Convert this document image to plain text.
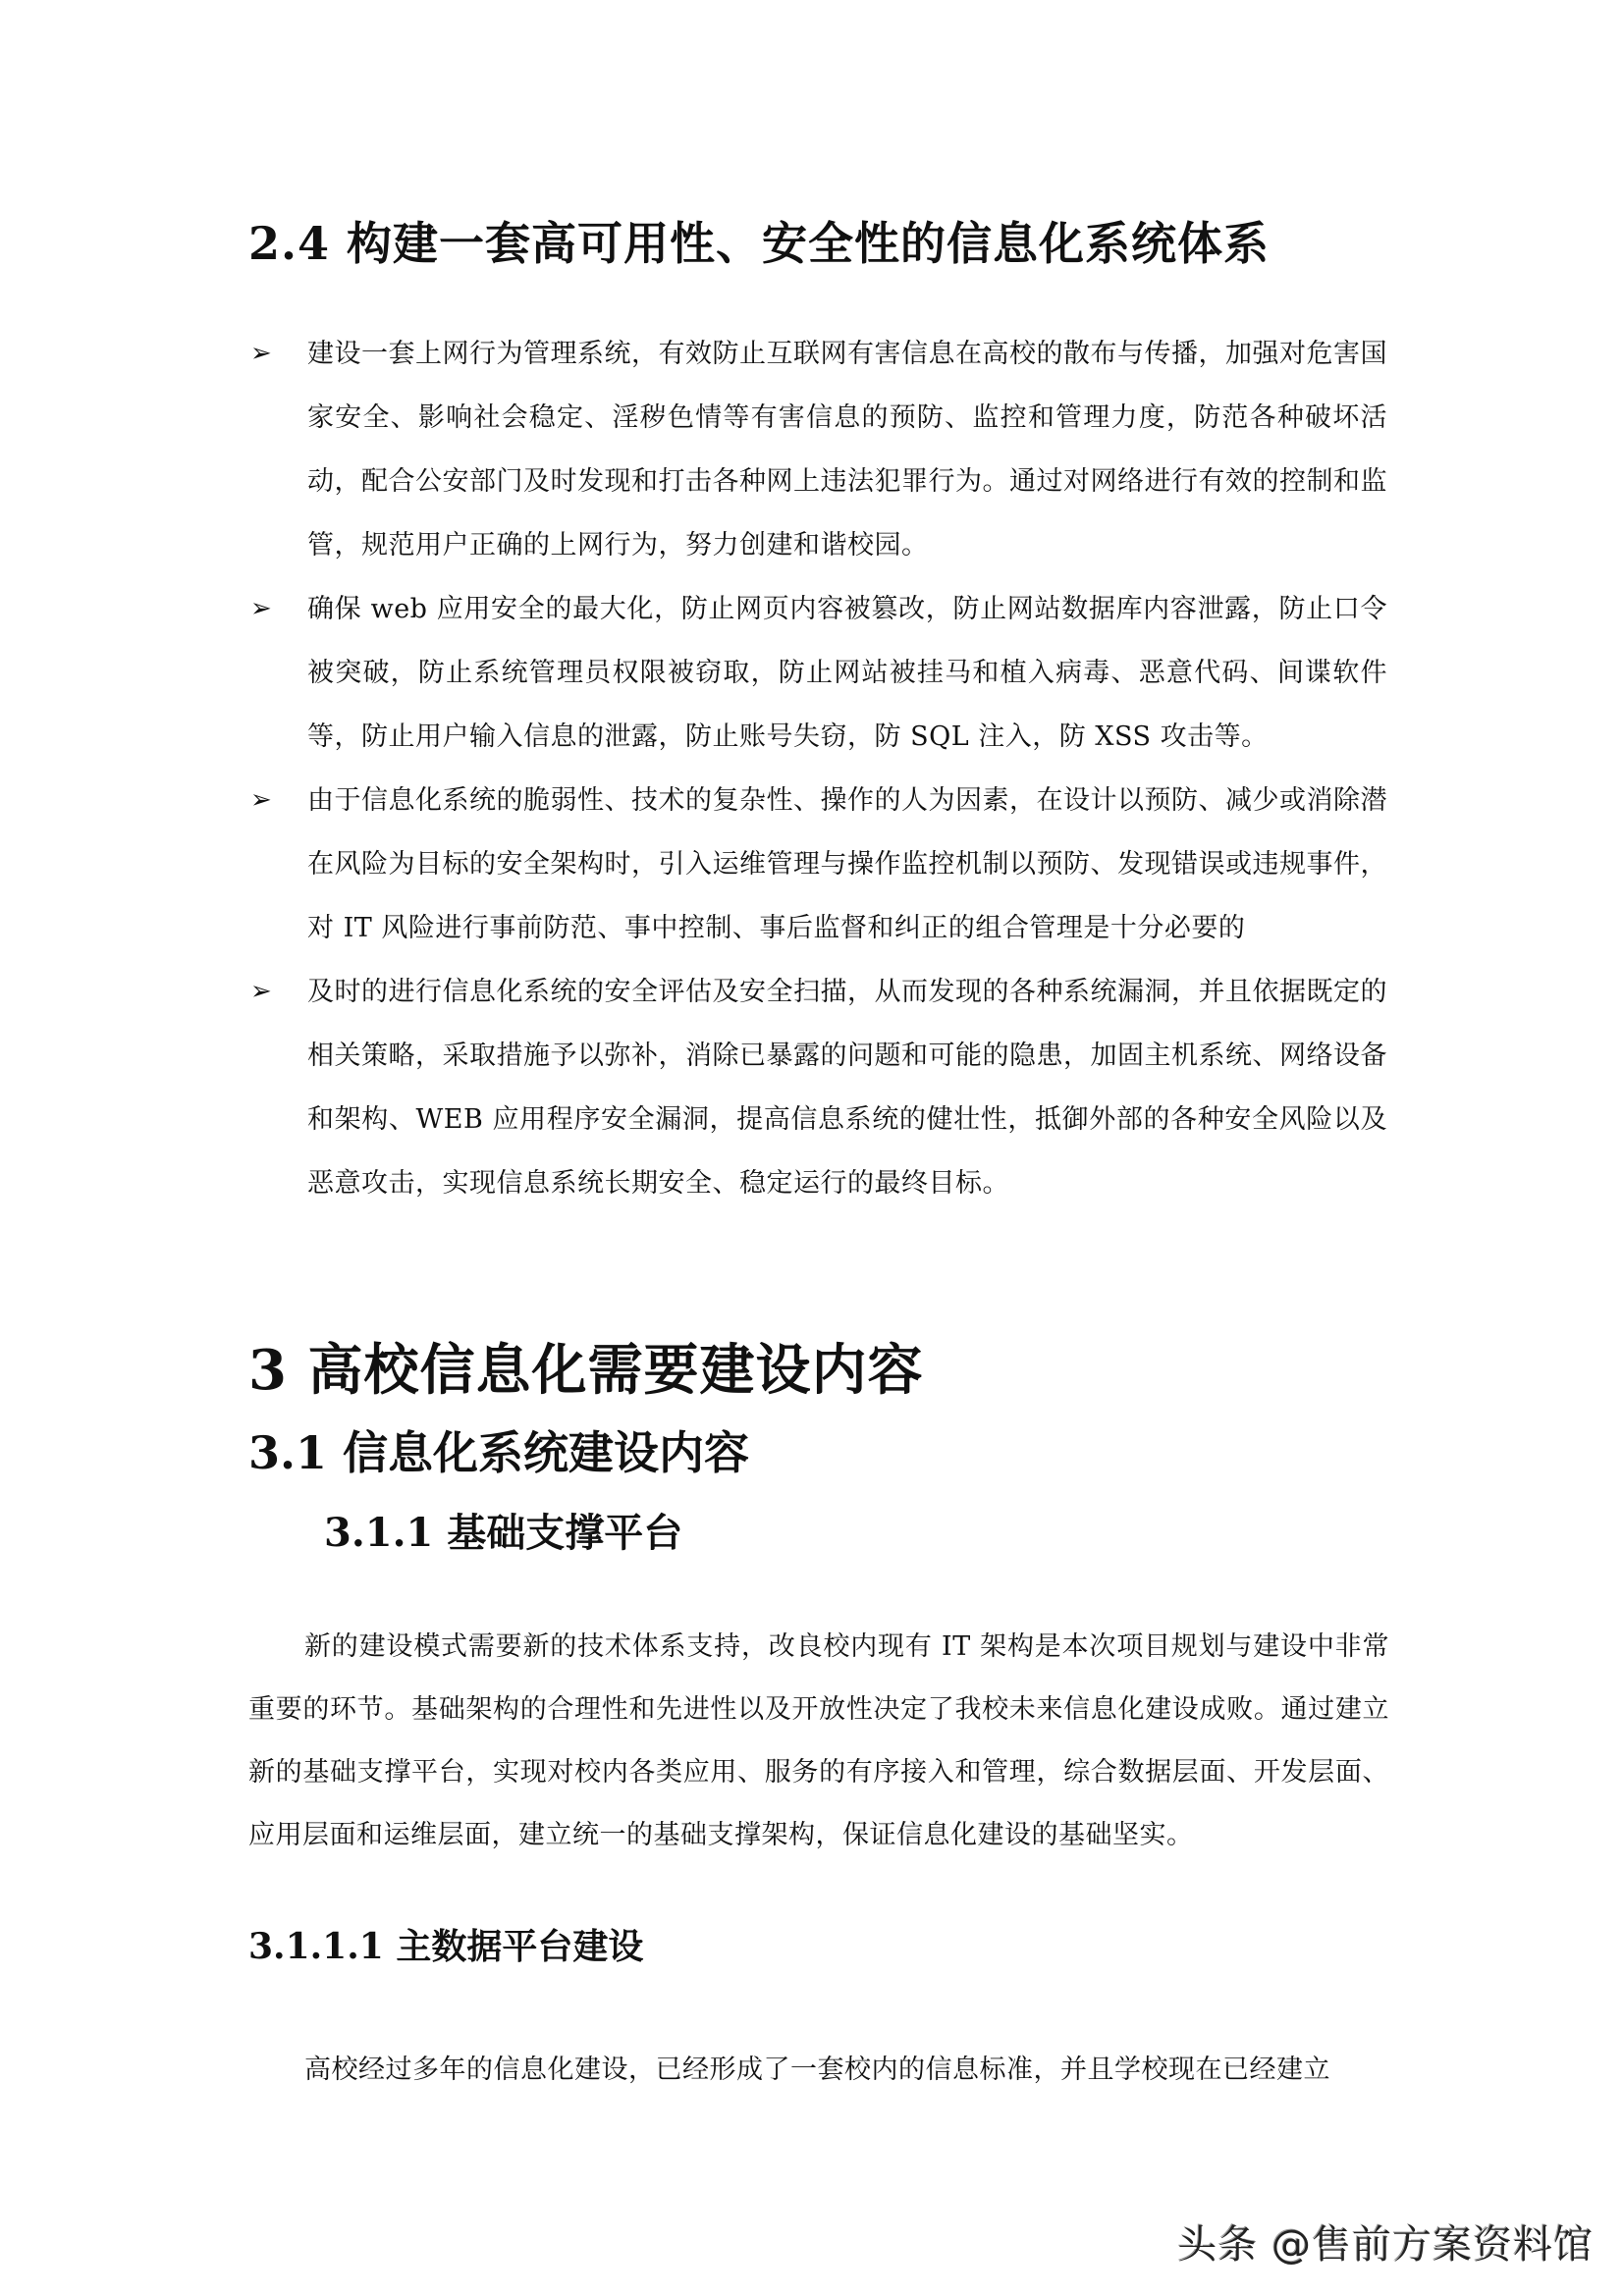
2.4 构建一套高可用性、安全性的信息化系统体系
➢ 建设一套上网行为管理系统，有效防止互联网有害信息在高校的散布与传播，加强对危害国家安全、影响社会稳定、淫秽色情等有害信息的预防、监控和管理力度，防范各种破坏活动，配合公安部门及时发现和打击各种网上违法犯罪行为。通过对网络进行有效的控制和监管，规范用户正确的上网行为，努力创建和谐校园。
➢ 确保 web 应用安全的最大化，防止网页内容被篡改，防止网站数据库内容泄露，防止口令被突破，防止系统管理员权限被窃取，防止网站被挂马和植入病毒、恶意代码、间谍软件等，防止用户输入信息的泄露，防止账号失窃，防 SQL 注入，防 XSS 攻击等。
➢ 由于信息化系统的脆弱性、技术的复杂性、操作的人为因素，在设计以预防、减少或消除潜在风险为目标的安全架构时，引入运维管理与操作监控机制以预防、发现错误或违规事件，对 IT 风险进行事前防范、事中控制、事后监督和纠正的组合管理是十分必要的
➢ 及时的进行信息化系统的安全评估及安全扫描，从而发现的各种系统漏洞，并且依据既定的相关策略，采取措施予以弥补，消除已暴露的问题和可能的隐患，加固主机系统、网络设备和架构、WEB 应用程序安全漏洞，提高信息系统的健壮性，抵御外部的各种安全风险以及恶意攻击，实现信息系统长期安全、稳定运行的最终目标。
3 高校信息化需要建设内容
3.1 信息化系统建设内容
3.1.1 基础支撑平台
新的建设模式需要新的技术体系支持，改良校内现有 IT 架构是本次项目规划与建设中非常重要的环节。基础架构的合理性和先进性以及开放性决定了我校未来信息化建设成败。通过建立新的基础支撑平台，实现对校内各类应用、服务的有序接入和管理，综合数据层面、开发层面、应用层面和运维层面，建立统一的基础支撑架构，保证信息化建设的基础坚实。
3.1.1.1 主数据平台建设
高校经过多年的信息化建设，已经形成了一套校内的信息标准，并且学校现在已经建立
头条 @售前方案资料馆
